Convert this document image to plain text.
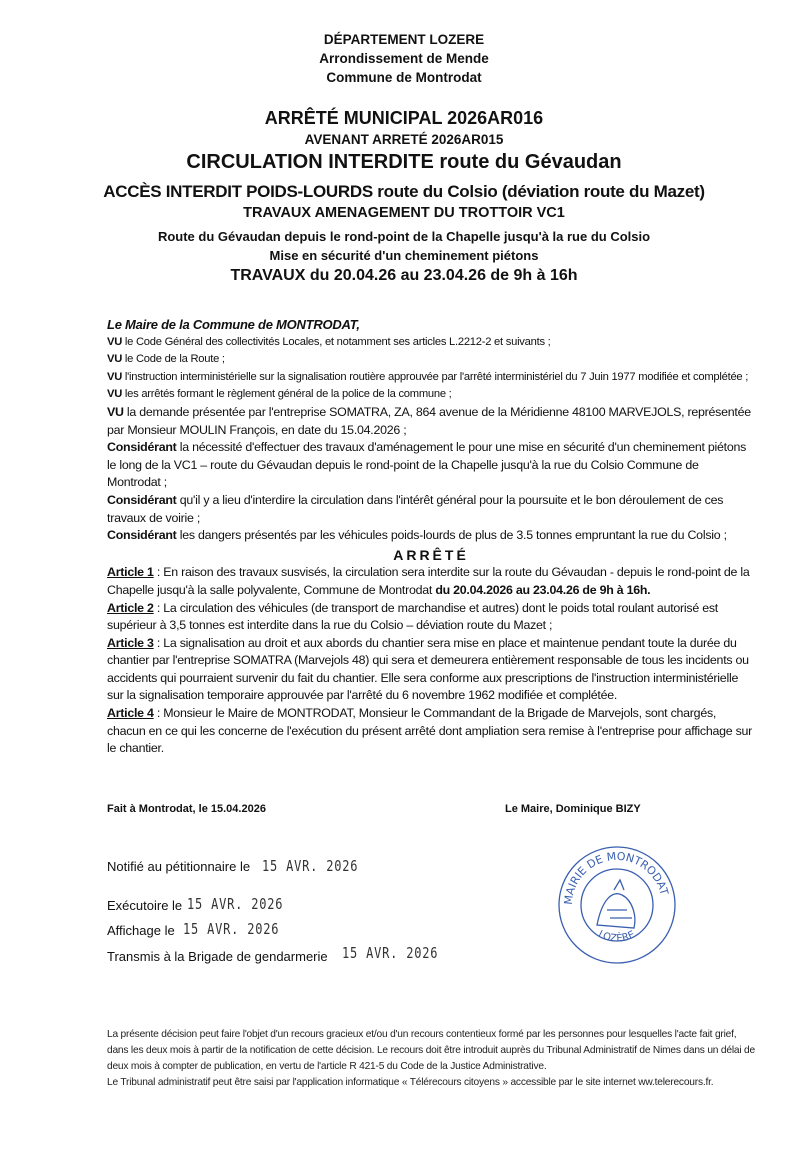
DÉPARTEMENT LOZERE
Arrondissement de Mende
Commune de Montrodat
ARRÊTÉ MUNICIPAL 2026AR016
AVENANT ARRETÉ 2026AR015
CIRCULATION INTERDITE route du Gévaudan
ACCÈS INTERDIT POIDS-LOURDS route du Colsio (déviation route du Mazet)
TRAVAUX AMENAGEMENT DU TROTTOIR VC1
Route du Gévaudan depuis le rond-point de la Chapelle jusqu'à la rue du Colsio
Mise en sécurité d'un cheminement piétons
TRAVAUX du 20.04.26 au 23.04.26 de 9h à 16h

Le Maire de la Commune de MONTRODAT,

VU le Code Général des collectivités Locales, et notamment ses articles L.2212-2 et suivants ;

VU le Code de la Route ;

VU l'instruction interministérielle sur la signalisation routière approuvée par l'arrêté interministériel du 7 Juin 1977 modifiée et complétée ;

VU les arrêtés formant le règlement général de la police de la commune ;

VU la demande présentée par l'entreprise SOMATRA, ZA, 864 avenue de la Méridienne 48100 MARVEJOLS, représentée par Monsieur MOULIN François, en date du 15.04.2026 ;

Considérant la nécessité d'effectuer des travaux d'aménagement le pour une mise en sécurité d'un cheminement piétons le long de la VC1 – route du Gévaudan depuis le rond-point de la Chapelle jusqu'à la rue du Colsio Commune de Montrodat ;

Considérant qu'il y a lieu d'interdire la circulation dans l'intérêt général pour la poursuite et le bon déroulement de ces travaux de voirie ;

Considérant les dangers présentés par les véhicules poids-lourds de plus de 3.5 tonnes empruntant la rue du Colsio ;

ARRÊTÉ

Article 1 : En raison des travaux susvisés, la circulation sera interdite sur la route du Gévaudan - depuis le rond-point de la Chapelle jusqu'à la salle polyvalente, Commune de Montrodat du 20.04.2026 au 23.04.26 de 9h à 16h.

Article 2 : La circulation des véhicules (de transport de marchandise et autres) dont le poids total roulant autorisé est supérieur à 3,5 tonnes est interdite dans la rue du Colsio – déviation route du Mazet ;

Article 3 : La signalisation au droit et aux abords du chantier sera mise en place et maintenue pendant toute la durée du chantier par l'entreprise SOMATRA (Marvejols 48) qui sera et demeurera entièrement responsable de tous les incidents ou accidents qui pourraient survenir du fait du chantier. Elle sera conforme aux prescriptions de l'instruction interministérielle sur la signalisation temporaire approuvée par l'arrêté du 6 novembre 1962 modifiée et complétée.

Article 4 : Monsieur le Maire de MONTRODAT, Monsieur le Commandant de la Brigade de Marvejols, sont chargés, chacun en ce qui les concerne de l'exécution du présent arrêté dont ampliation sera remise à l'entreprise pour affichage sur le chantier.

Fait à Montrodat, le 15.04.2026	Le Maire, Dominique BIZY
Notifié au pétitionnaire le 15 AVR. 2026
Exécutoire le 15 AVR. 2026
Affichage le 15 AVR. 2026
Transmis à la Brigade de gendarmerie 15 AVR. 2026
MAIRIE DE MONTRODAT
LOZÈRE
La présente décision peut faire l'objet d'un recours gracieux et/ou d'un recours contentieux formé par les personnes pour lesquelles l'acte fait grief, dans les deux mois à partir de la notification de cette décision. Le recours doit être introduit auprès du Tribunal Administratif de Nimes dans un délai de deux mois à compter de publication, en vertu de l'article R 421-5 du Code de la Justice Administrative.
Le Tribunal administratif peut être saisi par l'application informatique « Télérecours citoyens » accessible par le site internet ww.telerecours.fr.
